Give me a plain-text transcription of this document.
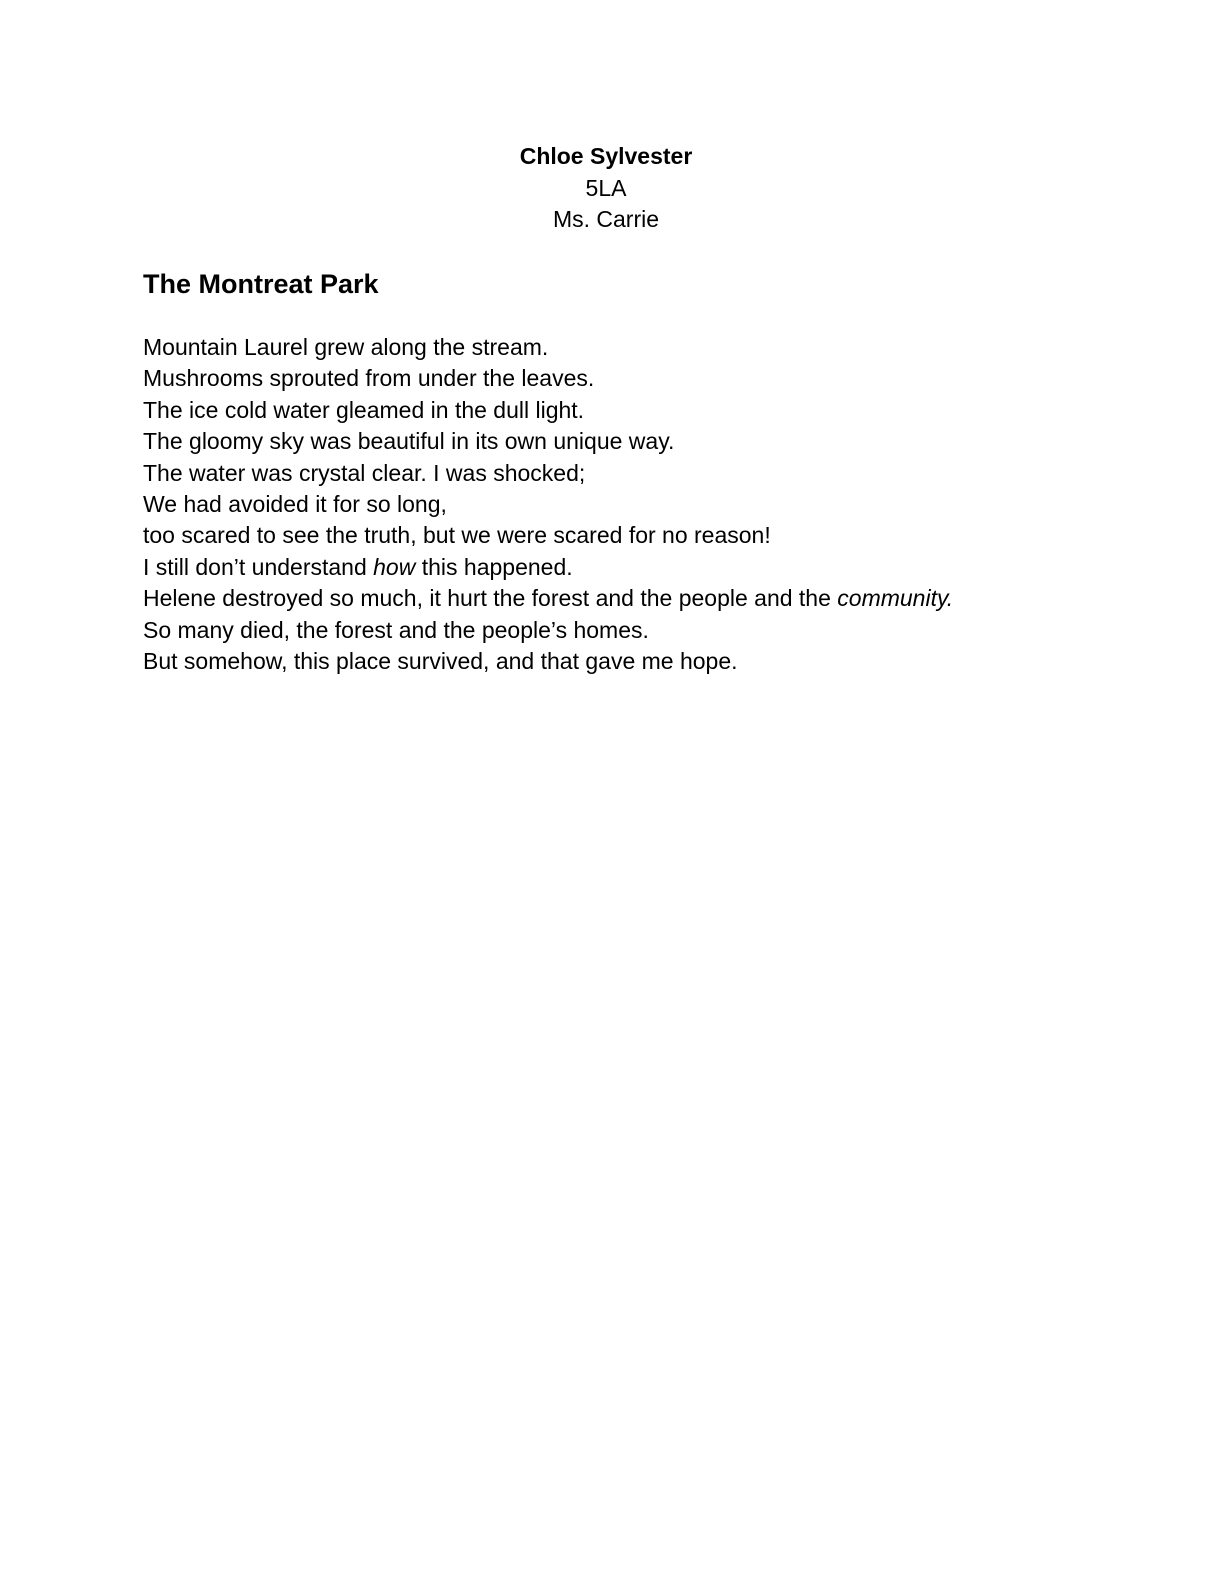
Chloe Sylvester
5LA
Ms. Carrie
The Montreat Park
Mountain Laurel grew along the stream.
Mushrooms sprouted from under the leaves.
The ice cold water gleamed in the dull light.
The gloomy sky was beautiful in its own unique way.
The water was crystal clear. I was shocked;
We had avoided it for so long,
too scared to see the truth, but we were scared for no reason!
I still don’t understand how this happened.
Helene destroyed so much, it hurt the forest and the people and the community.
So many died, the forest and the people’s homes.
But somehow, this place survived, and that gave me hope.
